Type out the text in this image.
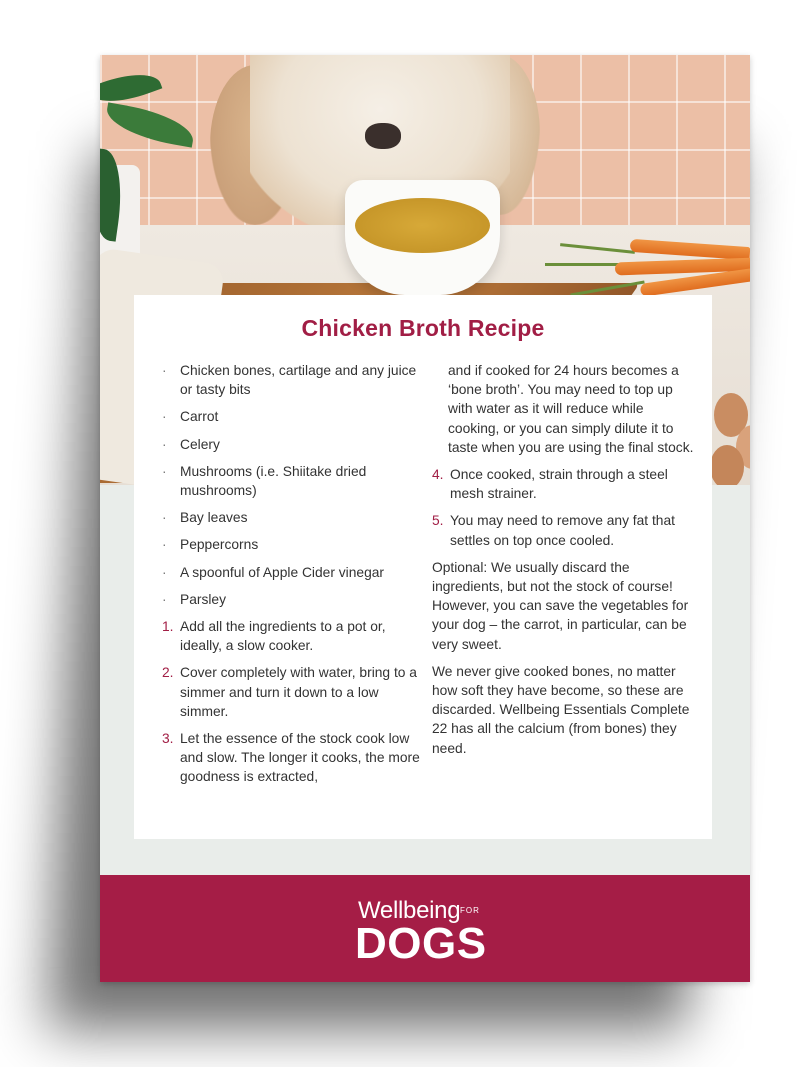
Chicken Broth Recipe
· Chicken bones, cartilage and any juice or tasty bits
· Carrot
· Celery
· Mushrooms (i.e. Shiitake dried mushrooms)
· Bay leaves
· Peppercorns
· A spoonful of Apple Cider vinegar
· Parsley
1. Add all the ingredients to a pot or, ideally, a slow cooker.
2. Cover completely with water, bring to a simmer and turn it down to a low simmer.
3. Let the essence of the stock cook low and slow. The longer it cooks, the more goodness is extracted,
and if cooked for 24 hours becomes a ‘bone broth’. You may need to top up with water as it will reduce while cooking, or you can simply dilute it to taste when you are using the final stock.
4. Once cooked, strain through a steel mesh strainer.
5. You may need to remove any fat that settles on top once cooled.

Optional: We usually discard the ingredients, but not the stock of course! However, you can save the vegetables for your dog – the carrot, in particular, can be very sweet.

We never give cooked bones, no matter how soft they have become, so these are discarded. Wellbeing Essentials Complete 22 has all the calcium (from bones) they need.

Wellbeing FOR
DOGS
